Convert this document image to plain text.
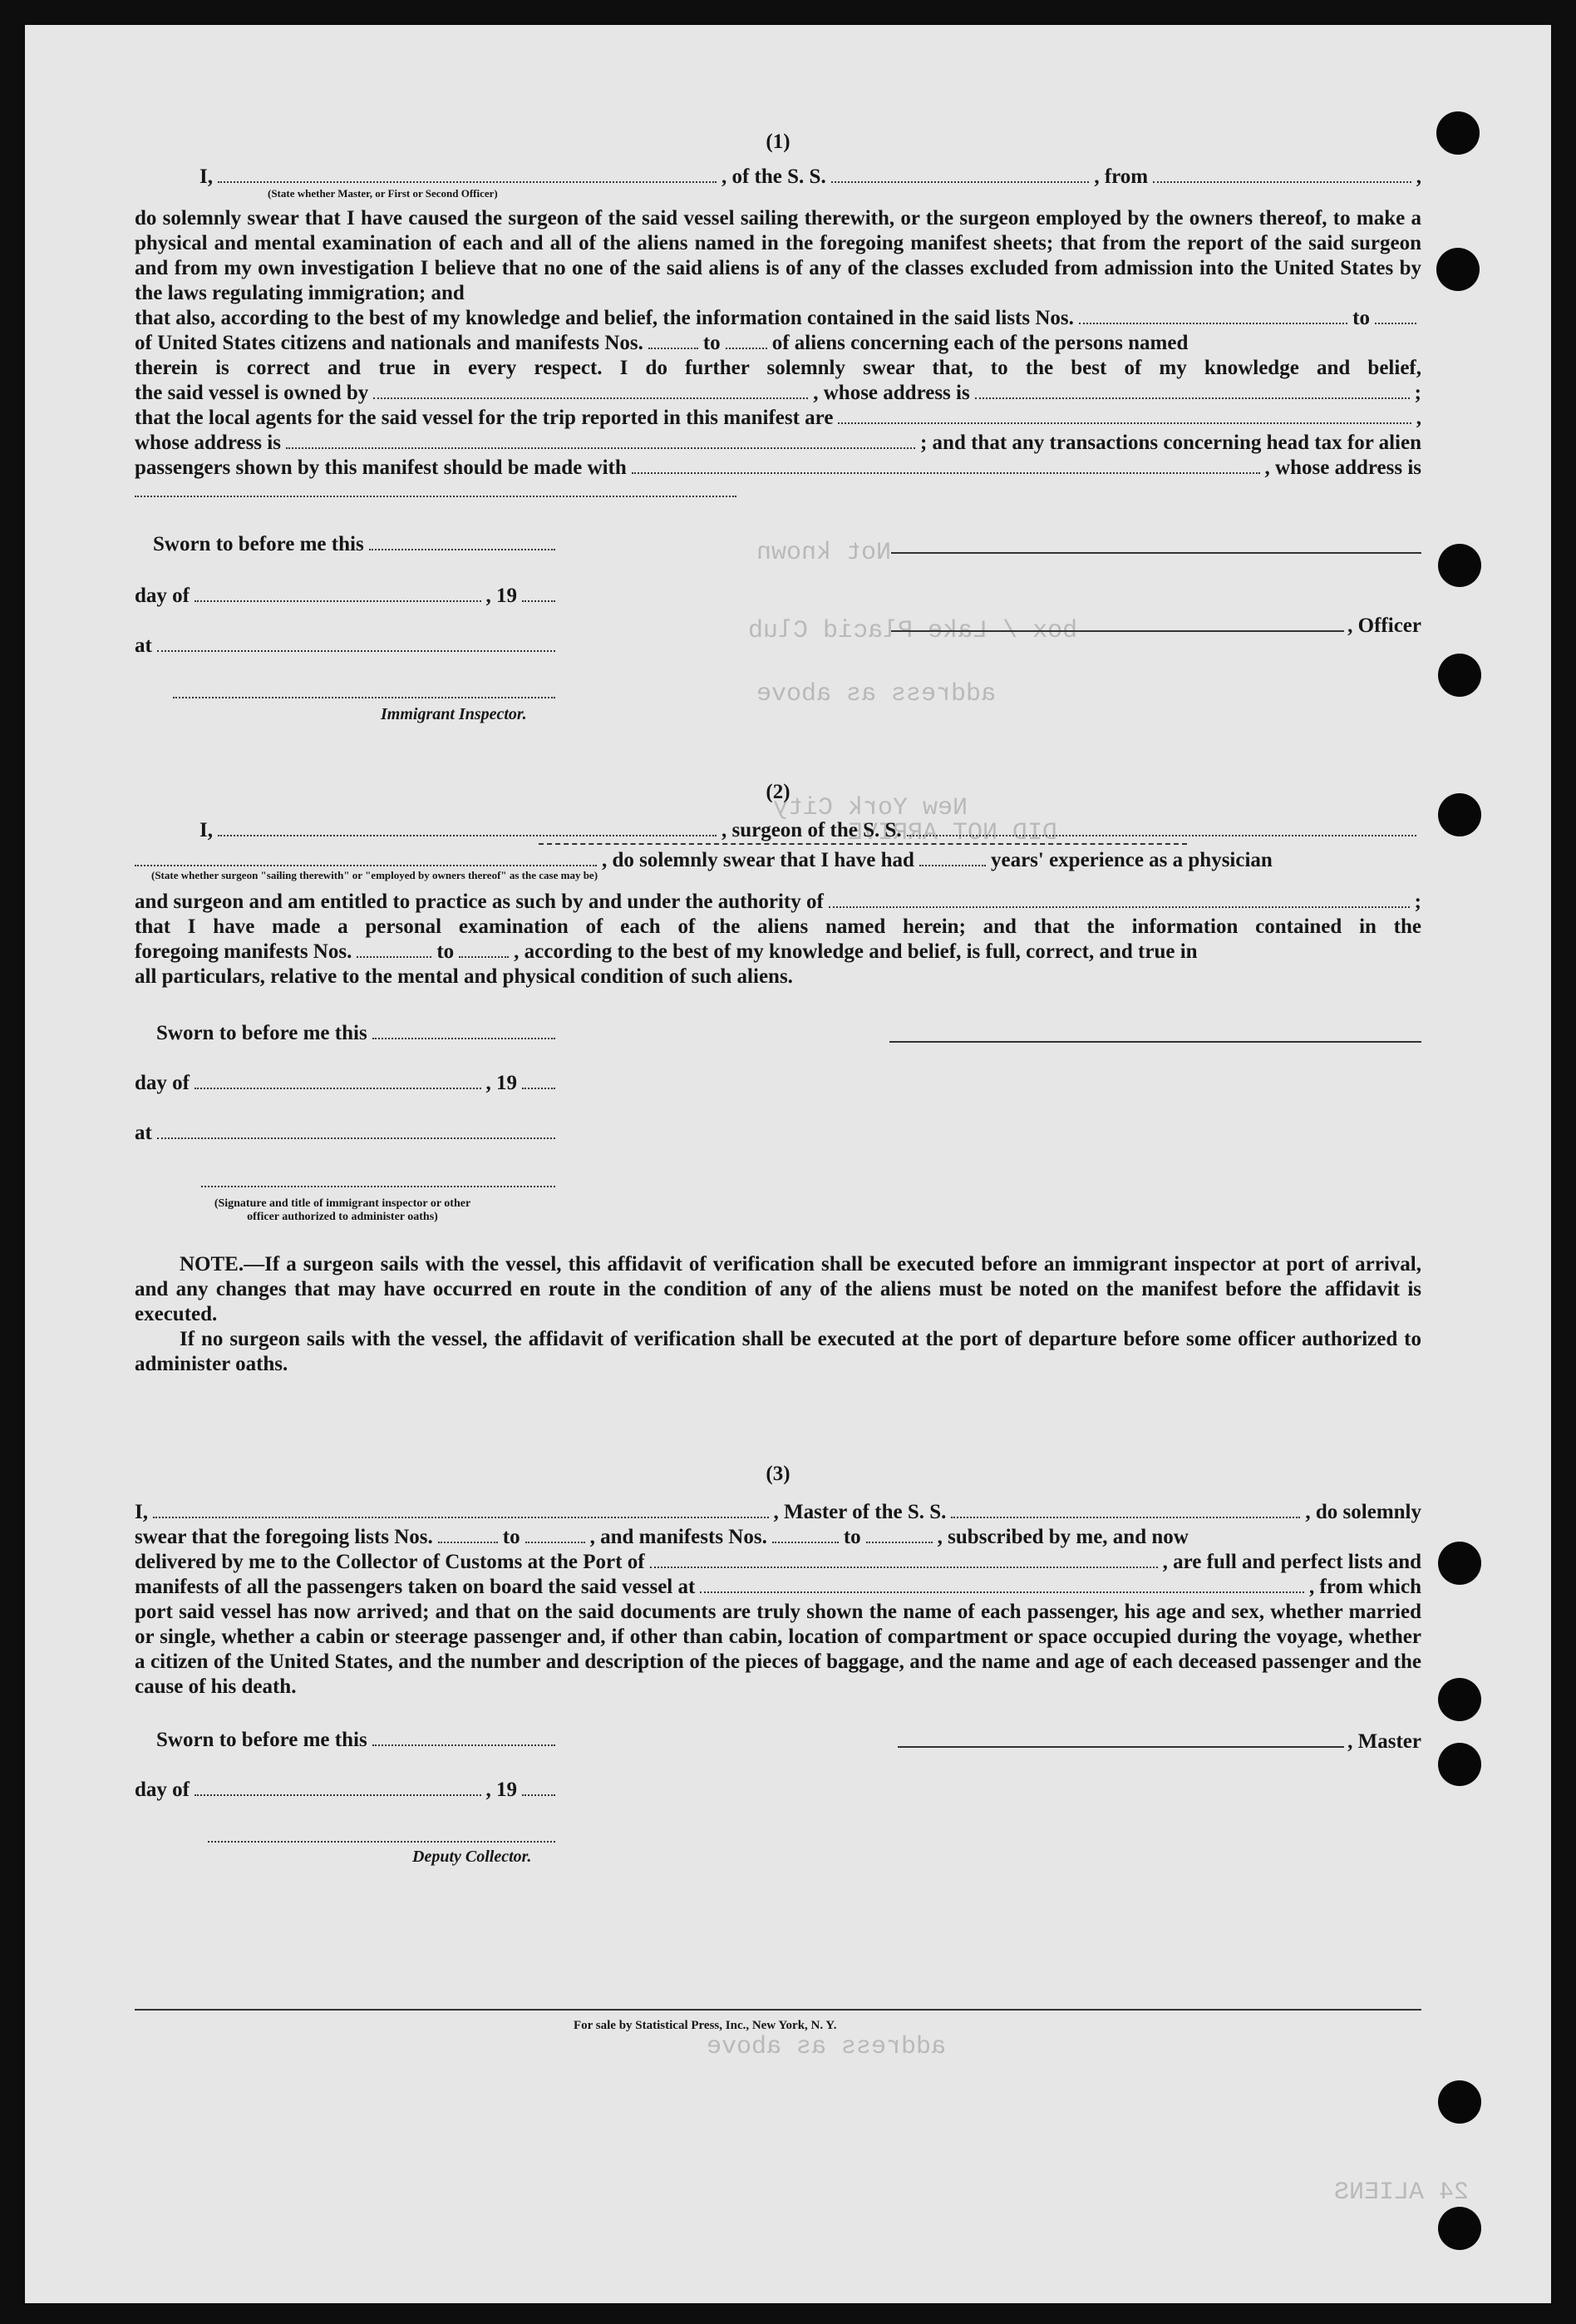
Not known
box / Lake Placid Club
address as above
New York City
DID NOT ARRIVE
address as above
24 ALIENS

(1)

I,
(State whether Master, or First or Second Officer)
, of the S. S.	, from	,

do solemnly swear that I have caused the surgeon of the said vessel sailing therewith, or the surgeon employed by the owners thereof, to make a physical and mental examination of each and all of the aliens named in the foregoing manifest sheets; that from the report of the said surgeon and from my own investigation I believe that no one of the said aliens is of any of the classes excluded from admission into the United States by the laws regulating immigration; and

that also, according to the best of my knowledge and belief, the information contained in the said lists Nos.	to
of United States citizens and nationals and manifests Nos.	to of aliens concerning each of the persons named
therein is correct and true in every respect. I do further solemnly swear that, to the best of my knowledge and belief,
the said vessel is owned by	, whose address is	;
that the local agents for the said vessel for the trip reported in this manifest are	,
whose address is	; and that any transactions concerning head tax for alien
passengers shown by this manifest should be made with	, whose address is
Sworn to before me this
day of	, 19
at
Immigrant Inspector.
, Officer

(2)

I,	, surgeon of the S. S.
, do solemnly swear that I have had	years' experience as a physician
(State whether surgeon "sailing therewith" or "employed by owners thereof" as the case may be)
and surgeon and am entitled to practice as such by and under the authority of	;
that I have made a personal examination of each of the aliens named herein; and that the information contained in the
foregoing manifests Nos.	to	, according to the best of my knowledge and belief, is full, correct, and true in
all particulars, relative to the mental and physical condition of such aliens.
Sworn to before me this
day of	, 19
at
(Signature and title of immigrant inspector or other officer authorized to administer oaths)

NOTE.—If a surgeon sails with the vessel, this affidavit of verification shall be executed before an immigrant inspector at port of arrival, and any changes that may have occurred en route in the condition of any of the aliens must be noted on the manifest before the affidavit is executed.

If no surgeon sails with the vessel, the affidavit of verification shall be executed at the port of departure before some officer authorized to administer oaths.

(3)

I,	, Master of the S. S.	, do solemnly
swear that the foregoing lists Nos.	to	, and manifests Nos.	to	, subscribed by me, and now
delivered by me to the Collector of Customs at the Port of	, are full and perfect lists and
manifests of all the passengers taken on board the said vessel at	, from which

port said vessel has now arrived; and that on the said documents are truly shown the name of each passenger, his age and sex, whether married or single, whether a cabin or steerage passenger and, if other than cabin, location of compartment or space occupied during the voyage, whether a citizen of the United States, and the number and description of the pieces of baggage, and the name and age of each deceased passenger and the cause of his death.

Sworn to before me this
day of	, 19
Deputy Collector.
, Master
For sale by Statistical Press, Inc., New York, N. Y.
